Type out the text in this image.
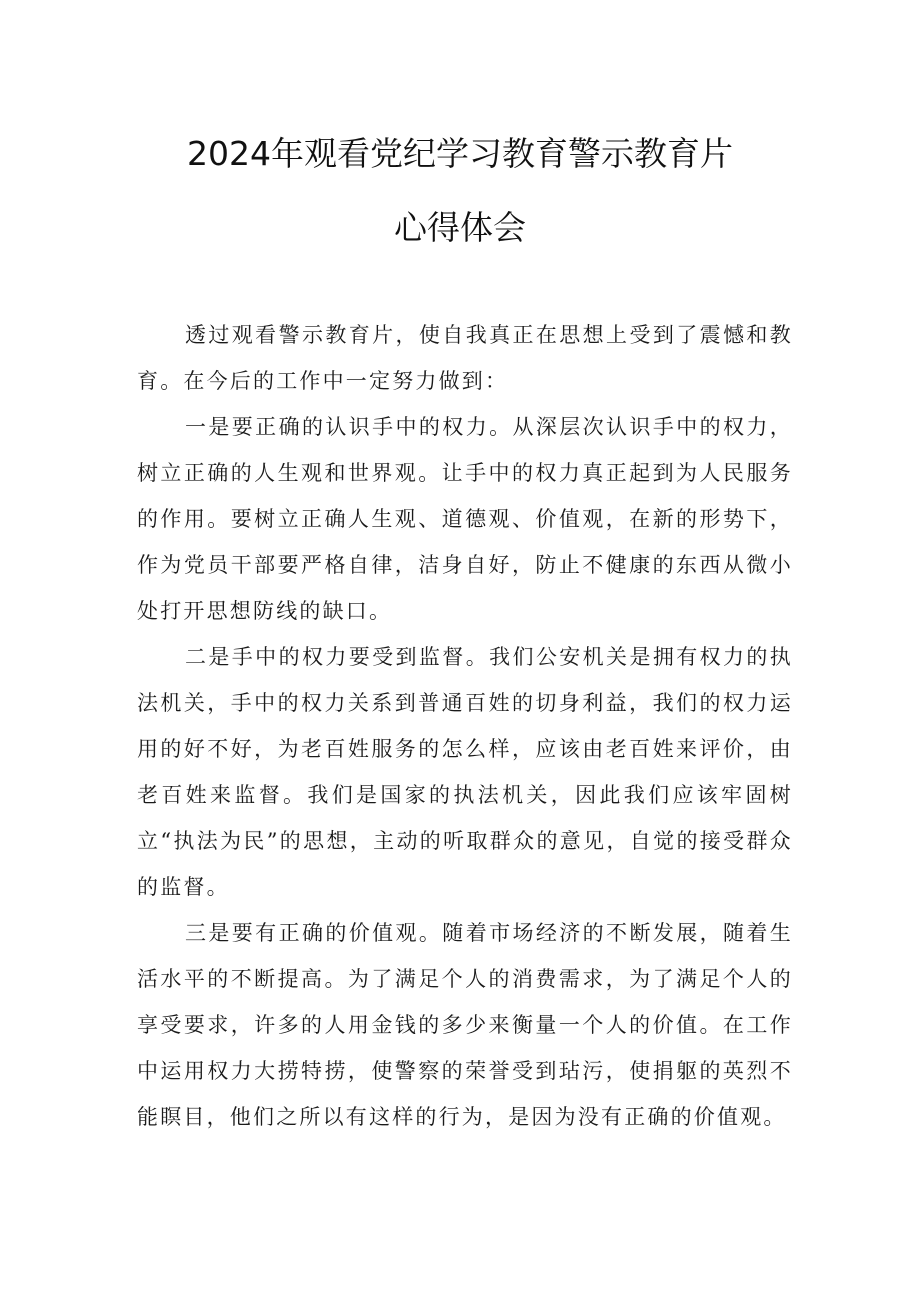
2024年观看党纪学习教育警示教育片
心得体会

透过观看警示教育片，使自我真正在思想上受到了震憾和教育。在今后的工作中一定努力做到：

一是要正确的认识手中的权力。从深层次认识手中的权力，树立正确的人生观和世界观。让手中的权力真正起到为人民服务的作用。要树立正确人生观、道德观、价值观，在新的形势下，作为党员干部要严格自律，洁身自好，防止不健康的东西从微小处打开思想防线的缺口。

二是手中的权力要受到监督。我们公安机关是拥有权力的执法机关，手中的权力关系到普通百姓的切身利益，我们的权力运用的好不好，为老百姓服务的怎么样，应该由老百姓来评价，由老百姓来监督。我们是国家的执法机关，因此我们应该牢固树立“执法为民”的思想，主动的听取群众的意见，自觉的接受群众的监督。

三是要有正确的价值观。随着市场经济的不断发展，随着生活水平的不断提高。为了满足个人的消费需求，为了满足个人的享受要求，许多的人用金钱的多少来衡量一个人的价值。在工作中运用权力大捞特捞，使警察的荣誉受到玷污，使捐躯的英烈不能瞑目，他们之所以有这样的行为，是因为没有正确的价值观。
